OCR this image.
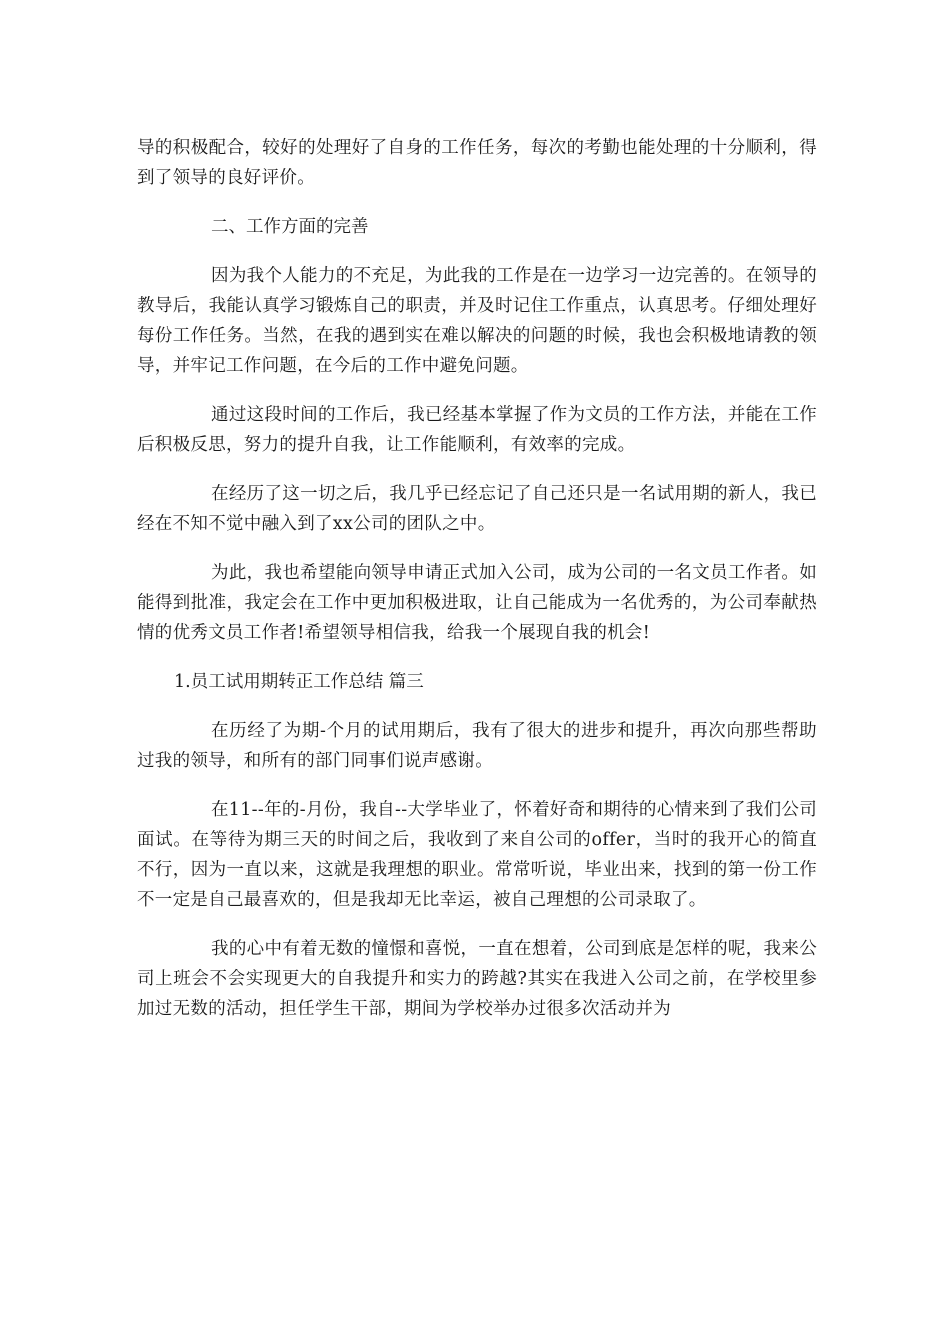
导的积极配合，较好的处理好了自身的工作任务，每次的考勤也能处理的十分顺利，得到了领导的良好评价。

二、工作方面的完善

因为我个人能力的不充足，为此我的工作是在一边学习一边完善的。在领导的教导后，我能认真学习锻炼自己的职责，并及时记住工作重点，认真思考。仔细处理好每份工作任务。当然，在我的遇到实在难以解决的问题的时候，我也会积极地请教的领导，并牢记工作问题，在今后的工作中避免问题。

通过这段时间的工作后，我已经基本掌握了作为文员的工作方法，并能在工作后积极反思，努力的提升自我，让工作能顺利，有效率的完成。

在经历了这一切之后，我几乎已经忘记了自己还只是一名试用期的新人，我已经在不知不觉中融入到了xx公司的团队之中。

为此，我也希望能向领导申请正式加入公司，成为公司的一名文员工作者。如能得到批准，我定会在工作中更加积极进取，让自己能成为一名优秀的，为公司奉献热情的优秀文员工作者!希望领导相信我，给我一个展现自我的机会!

1.员工试用期转正工作总结 篇三

在历经了为期-个月的试用期后，我有了很大的进步和提升，再次向那些帮助过我的领导，和所有的部门同事们说声感谢。

在11--年的-月份，我自--大学毕业了，怀着好奇和期待的心情来到了我们公司面试。在等待为期三天的时间之后，我收到了来自公司的offer，当时的我开心的简直不行，因为一直以来，这就是我理想的职业。常常听说，毕业出来，找到的第一份工作不一定是自己最喜欢的，但是我却无比幸运，被自己理想的公司录取了。

我的心中有着无数的憧憬和喜悦，一直在想着，公司到底是怎样的呢，我来公司上班会不会实现更大的自我提升和实力的跨越?其实在我进入公司之前，在学校里参加过无数的活动，担任学生干部，期间为学校举办过很多次活动并为
